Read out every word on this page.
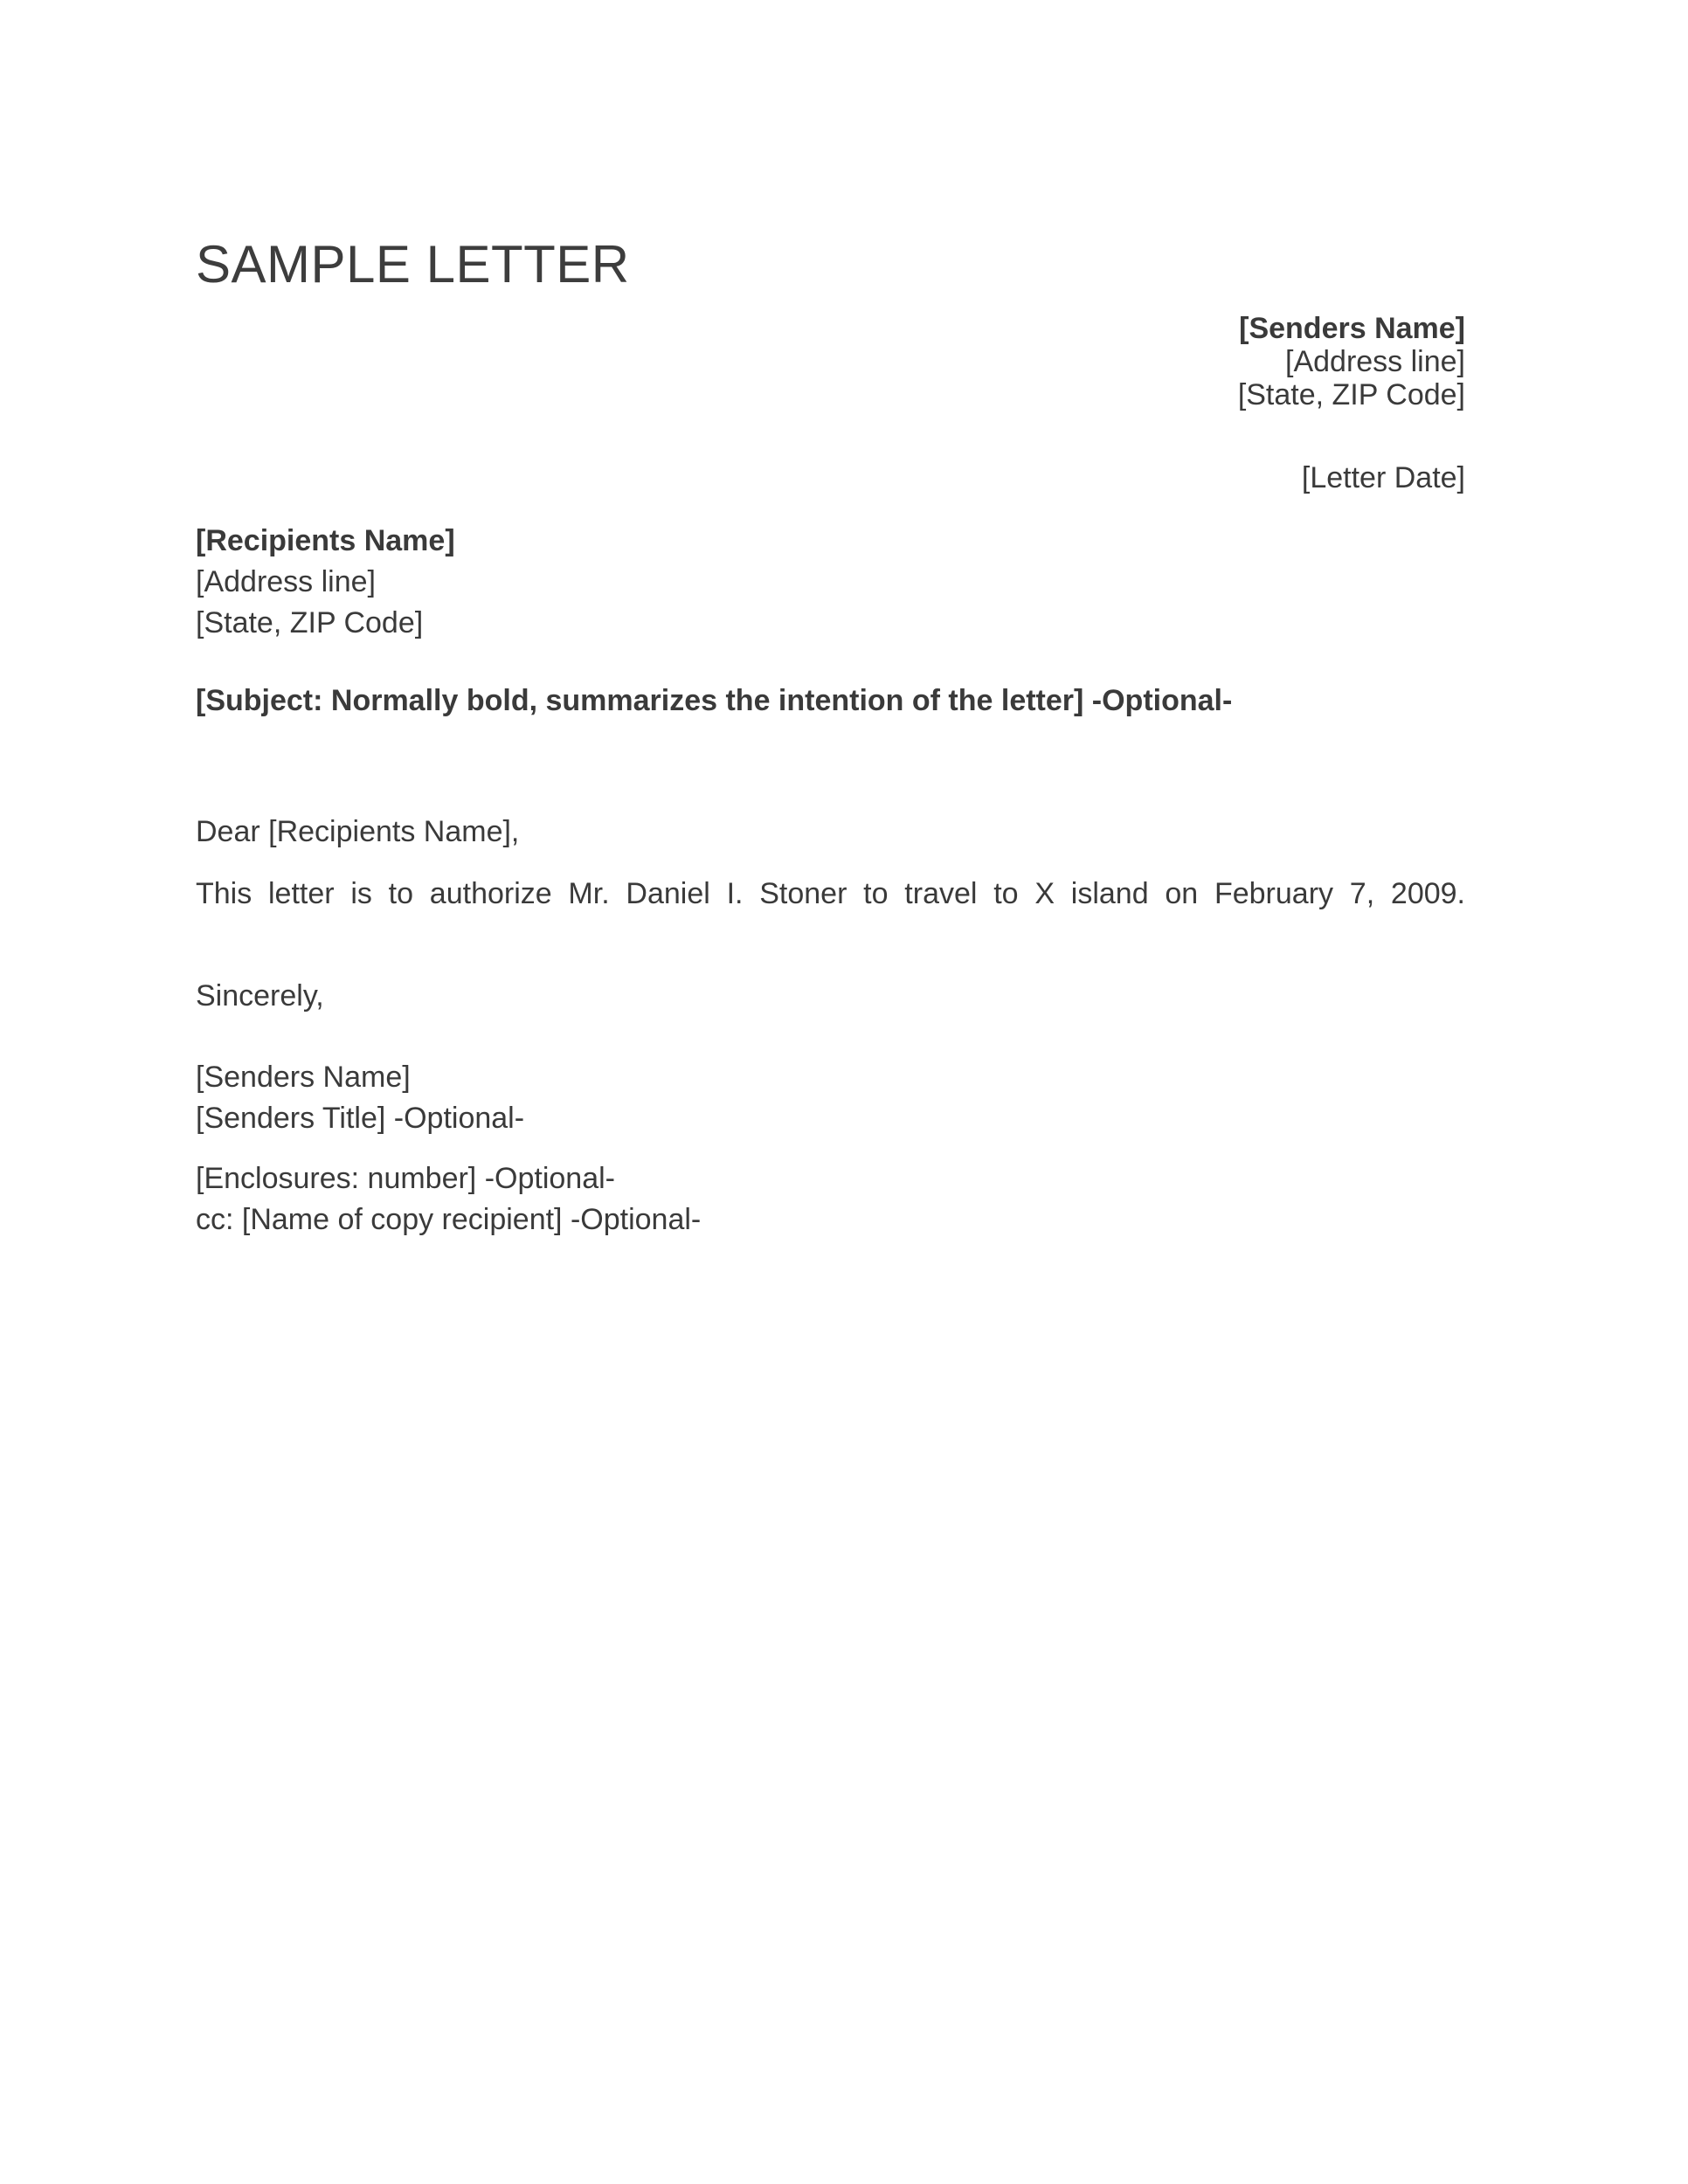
SAMPLE LETTER
[Senders Name]
[Address line]
[State, ZIP Code]
[Letter Date]
[Recipients Name]
[Address line]
[State, ZIP Code]
[Subject: Normally bold, summarizes the intention of the letter] -Optional-
Dear [Recipients Name],
This letter is to authorize Mr. Daniel I. Stoner to travel to X island on February 7, 2009.
Sincerely,
[Senders Name]
[Senders Title] -Optional-
[Enclosures: number] -Optional-
cc: [Name of copy recipient] -Optional-
